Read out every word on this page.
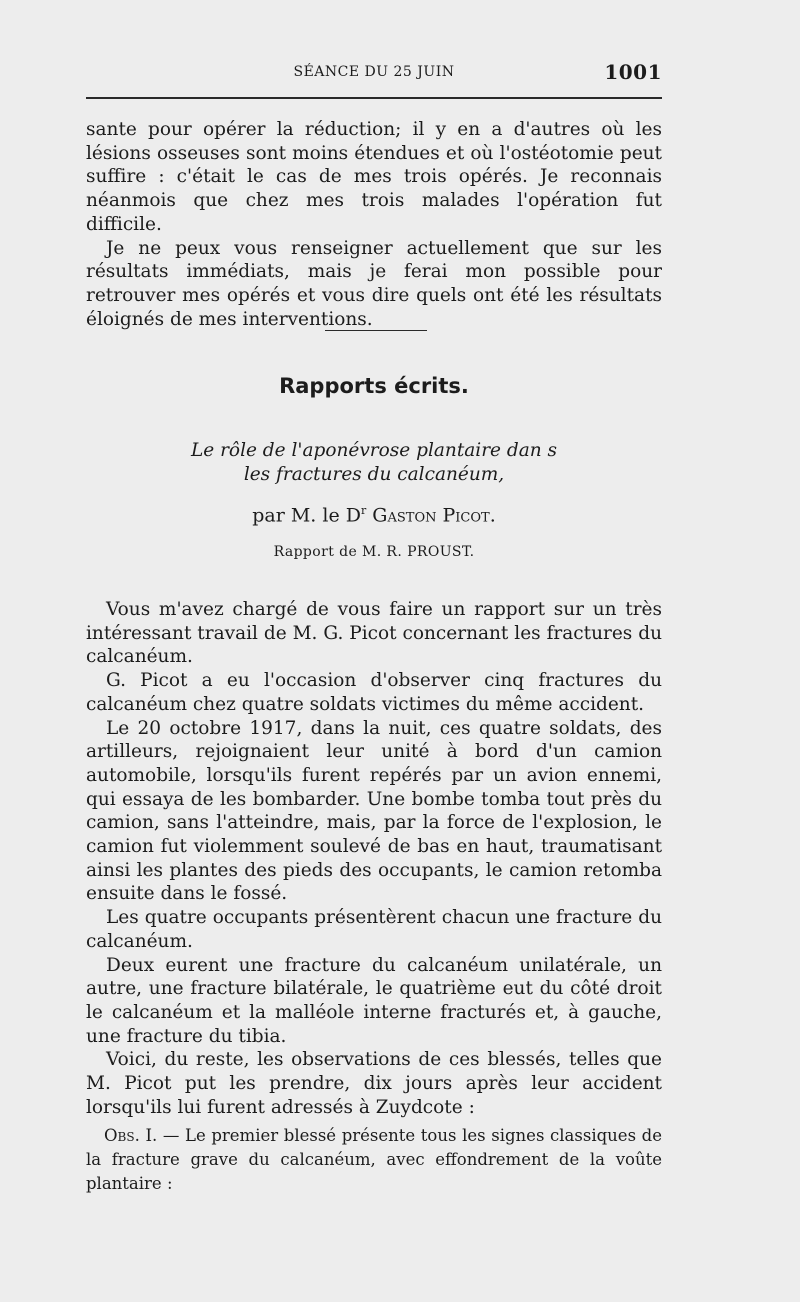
SÉANCE DU 25 JUIN	1001

sante pour opérer la réduction; il y en a d'autres où les lésions osseuses sont moins étendues et où l'ostéotomie peut suffire : c'était le cas de mes trois opérés. Je reconnais néanmois que chez mes trois malades l'opération fut difficile.

Je ne peux vous renseigner actuellement que sur les résultats immédiats, mais je ferai mon possible pour retrouver mes opérés et vous dire quels ont été les résultats éloignés de mes interventions.

Rapports écrits.
Le rôle de l'aponévrose plantaire dan s
les fractures du calcanéum,
par M. le $D^r$ Gaston Picot.
Rapport de M. R. PROUST.

Vous m'avez chargé de vous faire un rapport sur un très intéressant travail de M. G. Picot concernant les fractures du calcanéum.

G. Picot a eu l'occasion d'observer cinq fractures du calcanéum chez quatre soldats victimes du même accident.

Le 20 octobre 1917, dans la nuit, ces quatre soldats, des artilleurs, rejoignaient leur unité à bord d'un camion automobile, lorsqu'ils furent repérés par un avion ennemi, qui essaya de les bombarder. Une bombe tomba tout près du camion, sans l'atteindre, mais, par la force de l'explosion, le camion fut violemment soulevé de bas en haut, traumatisant ainsi les plantes des pieds des occupants, le camion retomba ensuite dans le fossé.

Les quatre occupants présentèrent chacun une fracture du calcanéum.

Deux eurent une fracture du calcanéum unilatérale, un autre, une fracture bilatérale, le quatrième eut du côté droit le calcanéum et la malléole interne fracturés et, à gauche, une fracture du tibia.

Voici, du reste, les observations de ces blessés, telles que M. Picot put les prendre, dix jours après leur accident lorsqu'ils lui furent adressés à Zuydcote :

Obs. I. — Le premier blessé présente tous les signes classiques de la fracture grave du calcanéum, avec effondrement de la voûte plantaire :
